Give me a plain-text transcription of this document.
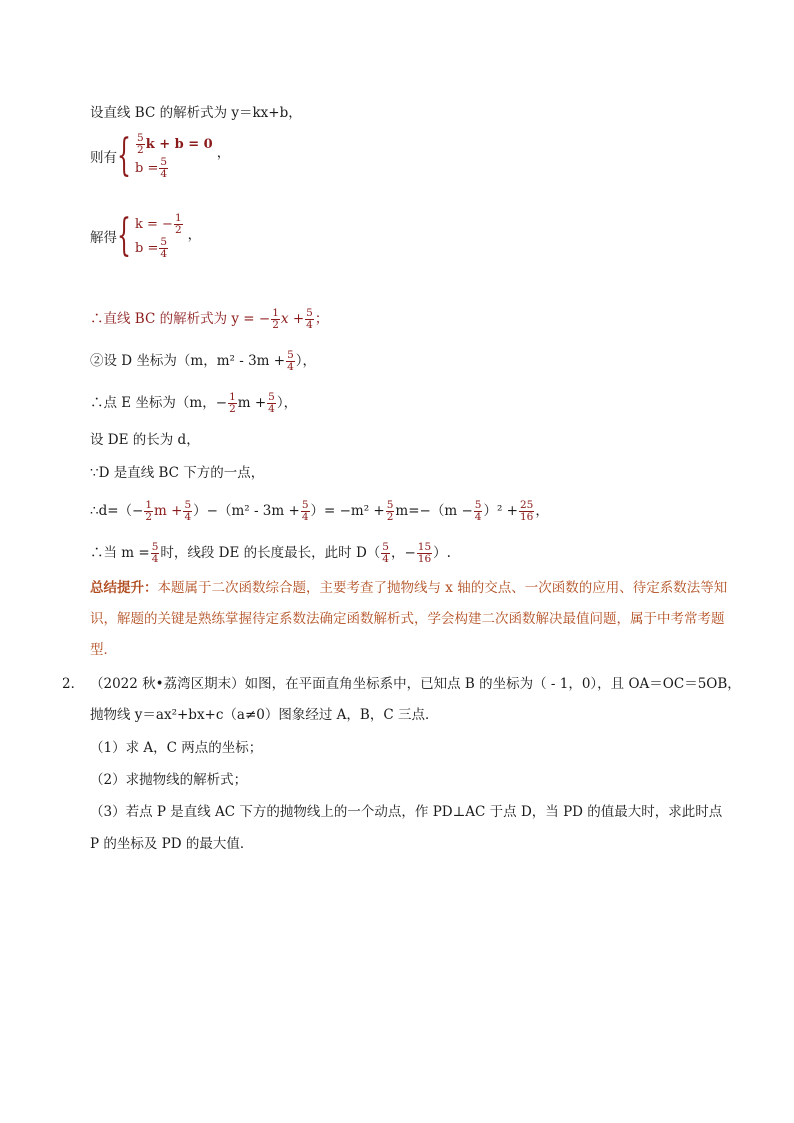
设直线 BC 的解析式为 y＝kx+b，
则有 { $\frac{5}{2}$ k + b = 0
$b = \frac{5}{4}$
，
解得 { k = − $\frac{1}{2}$
$b = \frac{5}{4}$
，
∴直线 BC 的解析式为 y = − $\frac{1}{2}$ $x + \frac{5}{4}$ ；
②设 D 坐标为（m，$m^2 - 3m + \frac{5}{4}$ ），
∴点 E 坐标为（m，− $\frac{1}{2}$ $m + \frac{5}{4}$ ），
设 DE 的长为 d，
∵D 是直线 BC 下方的一点，
∴d=（− $\frac{1}{2}$ $m + \frac{5}{4} )-(m^2 - 3m + \frac{5}{4}$ ）= $-m^2 + \frac{5}{2} m=-(m - \frac{5}{4} )^2 + \frac{25}{16}$ ，
∴当 $m = \frac{5}{4}$ 时，线段 DE 的长度最长，此时 $D( \frac{5}{4}$ ，− $\frac{15}{16}$ ）.
总结提升：本题属于二次函数综合题，主要考查了抛物线与 x 轴的交点、一次函数的应用、待定系数法等知识，解题的关键是熟练掌握待定系数法确定函数解析式，学会构建二次函数解决最值问题，属于中考常考题型．
2． （2022 秋•荔湾区期末）如图，在平面直角坐标系中，已知点 B 的坐标为（ - 1，0），且 OA＝OC＝5OB，
抛物线 y＝ax²+bx+c（a≠0）图象经过 A，B，C 三点．
（1）求 A，C 两点的坐标；
（2）求抛物线的解析式；
（3）若点 P 是直线 AC 下方的抛物线上的一个动点，作 PD⊥AC 于点 D，当 PD 的值最大时，求此时点
P 的坐标及 PD 的最大值．
